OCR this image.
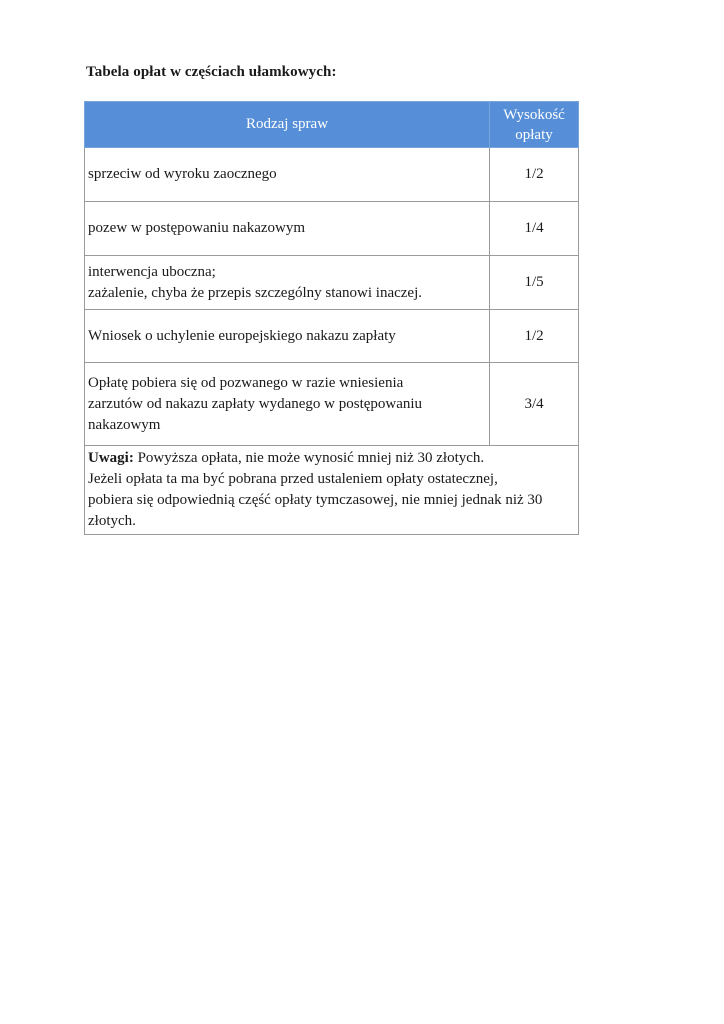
Tabela opłat w częściach ułamkowych:
Rodzaj spraw	Wysokość
opłaty

sprzeciw od wyroku zaocznego	1/2

pozew w postępowaniu nakazowym	1/4

interwencja uboczna;
zażalenie, chyba że przepis szczególny stanowi inaczej.	1/5

Wniosek o uchylenie europejskiego nakazu zapłaty	1/2

Opłatę pobiera się od pozwanego w razie wniesienia
zarzutów od nakazu zapłaty wydanego w postępowaniu
nakazowym	3/4

Uwagi: Powyższa opłata, nie może wynosić mniej niż 30 złotych.
Jeżeli opłata ta ma być pobrana przed ustaleniem opłaty ostatecznej,
pobiera się odpowiednią część opłaty tymczasowej, nie mniej jednak niż 30
złotych.	
